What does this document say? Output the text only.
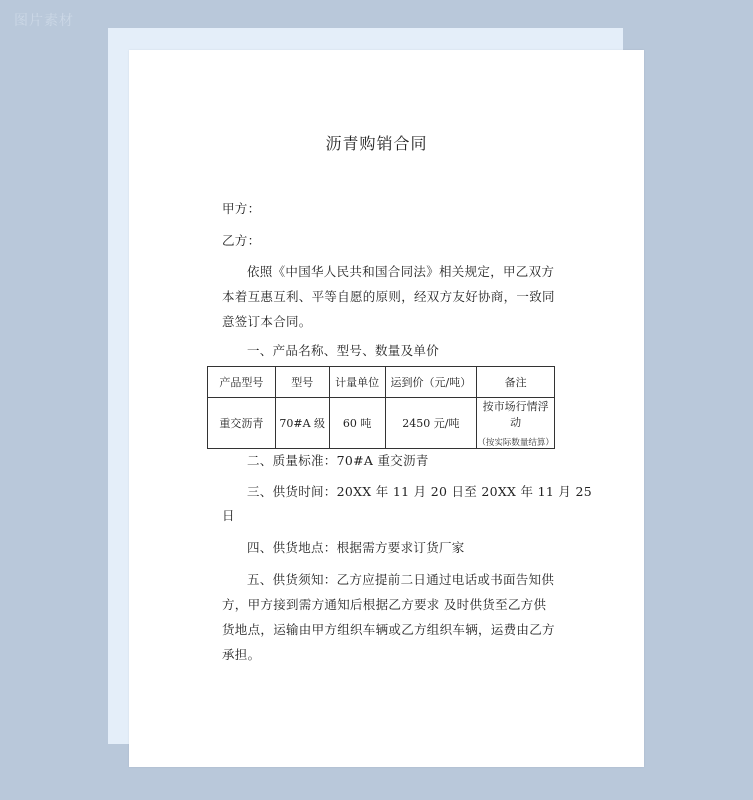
图片素材
沥青购销合同
甲方：
乙方：
依照《中国华人民共和国合同法》相关规定，甲乙双方
本着互惠互利、平等自愿的原则，经双方友好协商，一致同
意签订本合同。
一、产品名称、型号、数量及单价
产品型号	型号	计量单位	运到价（元/吨）	备注
重交沥青	70#A 级	60 吨	2450 元/吨	按市场行情浮动
（按实际数量结算）
二、质量标准：70#A 重交沥青
三、供货时间：20XX 年 11 月 20 日至 20XX 年 11 月 25
日
四、供货地点：根据需方要求订货厂家
五、供货须知：乙方应提前二日通过电话或书面告知供
方，甲方接到需方通知后根据乙方要求 及时供货至乙方供
货地点，运输由甲方组织车辆或乙方组织车辆，运费由乙方
承担。
